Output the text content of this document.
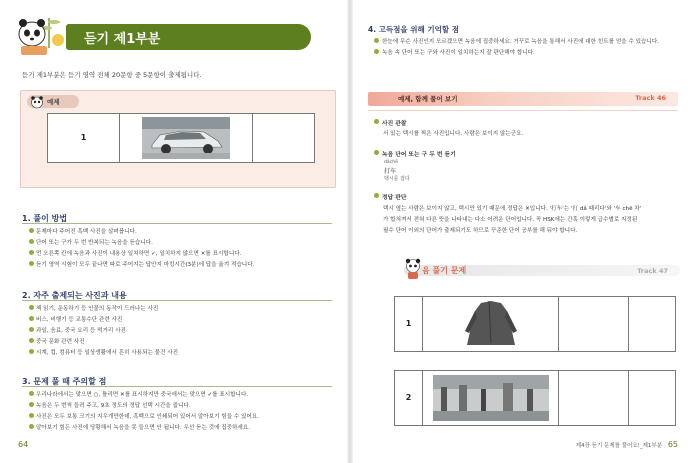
듣기 제1부분
듣기 제1부분은 듣기 영역 전체 20문항 중 5문항이 출제됩니다.
예제
1
1. 풀이 방법
문제마다 주어진 흑백 사진을 살펴봅니다.
단어 또는 구가 두 번 반복되는 녹음을 듣습니다.
먼 오른쪽 칸에 녹음과 사진이 내용상 일치하면 ✓, 일치하지 않으면 ✕를 표시합니다.
듣기 영역 시험이 모두 끝나면 따로 주어지는 답안지 마킹시간(3분)에 답을 옮겨 적습니다.
2. 자주 출제되는 사진과 내용
책 읽기, 운동하기 등 인물의 동작이 드러나는 사진
버스, 비행기 등 교통수단 관련 사진
과일, 음료, 중국 요리 등 먹거리 사진
중국 문화 관련 사진
시계, 컵, 컴퓨터 등 일상생활에서 흔히 사용되는 물건 사진
3. 문제 풀 때 주의할 점
우리나라에서는 맞으면 ○, 틀리면 ✕를 표시하지만 중국에서는 맞으면 ✓를 표시합니다.
녹음은 두 번씩 들려 주고, 9초 정도의 정답 선택 시간을 줍니다.
사진은 모두 보통 크기의 지우개만한데, 흑백으로 인쇄되어 있어서 알아보기 힘들 수 있어요.
알아보기 힘든 사진에 당황해서 녹음을 못 들으면 안 됩니다. 우선 듣는 것에 집중하세요.
64
4. 고득점을 위해 기억할 점
한눈에 무슨 사진인지 모르겠으면 녹음에 집중하세요. 거꾸로 녹음을 통해서 사진에 대한 힌트를 얻을 수 있습니다.
녹음 속 단어 또는 구와 사진이 일치하는지 잘 판단해야 합니다.
예제, 함께 풀어 보기	Track 46
사진 관찰
서 있는 택시를 찍은 사진입니다. 사람은 보이지 않는군요.
녹음 단어 또는 구 두 번 듣기
dǎchē
打车
택시를 잡다
정답 판단
택시 옆는 사람은 보이지 않고, 택시만 있기 때문에 정답은 ✕입니다. '打车'는 '打 dǎ 때리다'와 '车 chē 차'
가 합쳐져서 전혀 다른 뜻을 나타내는 다소 어려운 단어입니다. 꼭 HSK에는 간혹 이렇게 급수별로 지정된
필수 단어 이외의 단어가 출제되기도 하므로 꾸준한 단어 공부를 해 둬야 합니다.
음 풀기 문제	Track 47
1
2
제4장 듣기 문제를 풀어요!_제1부분 65
